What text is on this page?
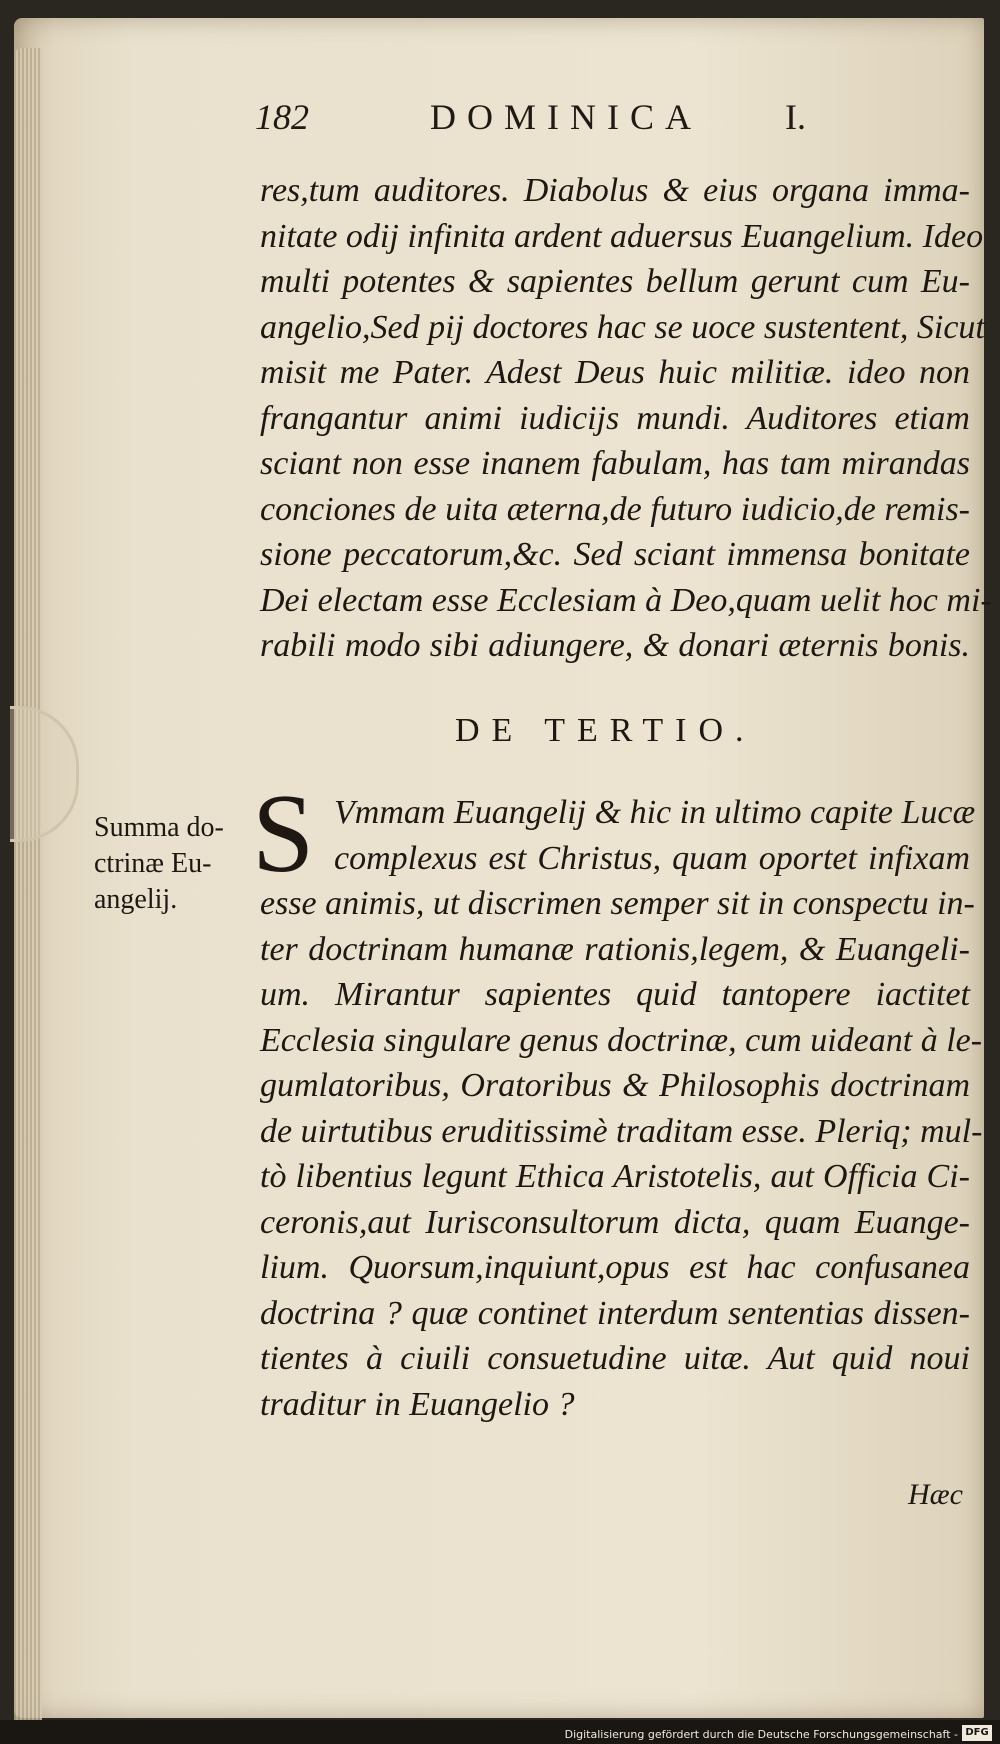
182	DOMINICA I.
res,tum auditores. Diabolus & eius organa imma-
nitate odij infinita ardent aduersus Euangelium. Ideo
multi potentes & sapientes bellum gerunt cum Eu-
angelio,Sed pij doctores hac se uoce sustentent, Sicut
misit me Pater. Adest Deus huic militiæ. ideo non
frangantur animi iudicijs mundi. Auditores etiam
sciant non esse inanem fabulam, has tam mirandas
conciones de uita æterna,de futuro iudicio,de remis-
sione peccatorum,&c. Sed sciant immensa bonitate
Dei electam esse Ecclesiam à Deo,quam uelit hoc mi-
rabili modo sibi adiungere, & donari æternis bonis.
DE TERTIO.
Summa do-
ctrinæ Eu-
angelij.
S Vmmam Euangelij & hic in ultimo capite Lucæ
complexus est Christus, quam oportet infixam
esse animis, ut discrimen semper sit in conspectu in-
ter doctrinam humanæ rationis,legem, & Euangeli-
um. Mirantur sapientes quid tantopere iactitet
Ecclesia singulare genus doctrinæ, cum uideant à le-
gumlatoribus, Oratoribus & Philosophis doctrinam
de uirtutibus eruditissimè traditam esse. Pleriq; mul-
tò libentius legunt Ethica Aristotelis, aut Officia Ci-
ceronis,aut Iurisconsultorum dicta, quam Euange-
lium. Quorsum,inquiunt,opus est hac confusanea
doctrina ? quæ continet interdum sententias dissen-
tientes à ciuili consuetudine uitæ. Aut quid noui
traditur in Euangelio ?
Hæc
Digitalisierung gefördert durch die Deutsche Forschungsgemeinschaft - DFG
